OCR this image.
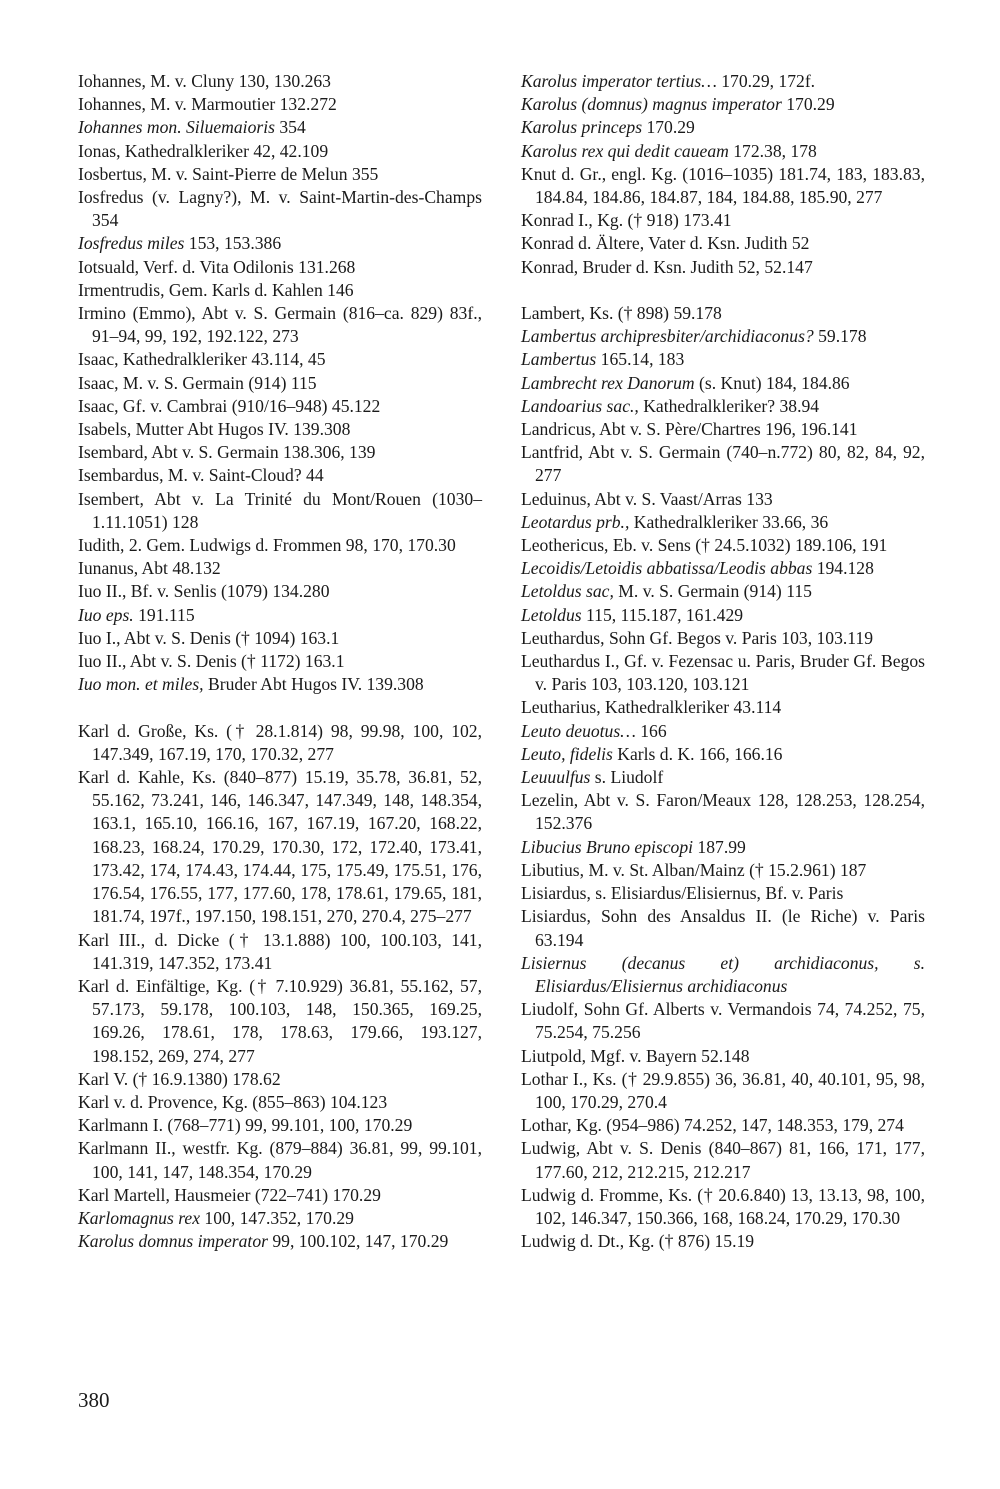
Iohannes, M. v. Cluny 130, 130.263
Iohannes, M. v. Marmoutier 132.272
Iohannes mon. Siluemaioris 354
Ionas, Kathedralkleriker 42, 42.109
Iosbertus, M. v. Saint-Pierre de Melun 355
Iosfredus (v. Lagny?), M. v. Saint-Martin-des-Champs 354
Iosfredus miles 153, 153.386
Iotsuald, Verf. d. Vita Odilonis 131.268
Irmentrudis, Gem. Karls d. Kahlen 146
Irmino (Emmo), Abt v. S. Germain (816–ca. 829) 83f., 91–94, 99, 192, 192.122, 273
Isaac, Kathedralkleriker 43.114, 45
Isaac, M. v. S. Germain (914) 115
Isaac, Gf. v. Cambrai (910/16–948) 45.122
Isabels, Mutter Abt Hugos IV. 139.308
Isembard, Abt v. S. Germain 138.306, 139
Isembardus, M. v. Saint-Cloud? 44
Isembert, Abt v. La Trinité du Mont/Rouen (1030–1.11.1051) 128
Iudith, 2. Gem. Ludwigs d. Frommen 98, 170, 170.30
Iunanus, Abt 48.132
Iuo II., Bf. v. Senlis (1079) 134.280
Iuo eps. 191.115
Iuo I., Abt v. S. Denis († 1094) 163.1
Iuo II., Abt v. S. Denis († 1172) 163.1
Iuo mon. et miles, Bruder Abt Hugos IV. 139.308
Karl d. Große, Ks. († 28.1.814) 98, 99.98, 100, 102, 147.349, 167.19, 170, 170.32, 277
Karl d. Kahle, Ks. (840–877) 15.19, 35.78, 36.81, 52, 55.162, 73.241, 146, 146.347, 147.349, 148, 148.354, 163.1, 165.10, 166.16, 167, 167.19, 167.20, 168.22, 168.23, 168.24, 170.29, 170.30, 172, 172.40, 173.41, 173.42, 174, 174.43, 174.44, 175, 175.49, 175.51, 176, 176.54, 176.55, 177, 177.60, 178, 178.61, 179.65, 181, 181.74, 197f., 197.150, 198.151, 270, 270.4, 275–277
Karl III., d. Dicke († 13.1.888) 100, 100.103, 141, 141.319, 147.352, 173.41
Karl d. Einfältige, Kg. († 7.10.929) 36.81, 55.162, 57, 57.173, 59.178, 100.103, 148, 150.365, 169.25, 169.26, 178.61, 178, 178.63, 179.66, 193.127, 198.152, 269, 274, 277
Karl V. († 16.9.1380) 178.62
Karl v. d. Provence, Kg. (855–863) 104.123
Karlmann I. (768–771) 99, 99.101, 100, 170.29
Karlmann II., westfr. Kg. (879–884) 36.81, 99, 99.101, 100, 141, 147, 148.354, 170.29
Karl Martell, Hausmeier (722–741) 170.29
Karlomagnus rex 100, 147.352, 170.29
Karolus domnus imperator 99, 100.102, 147, 170.29
Karolus imperator tertius… 170.29, 172f.
Karolus (domnus) magnus imperator 170.29
Karolus princeps 170.29
Karolus rex qui dedit caueam 172.38, 178
Knut d. Gr., engl. Kg. (1016–1035) 181.74, 183, 183.83, 184.84, 184.86, 184.87, 184, 184.88, 185.90, 277
Konrad I., Kg. († 918) 173.41
Konrad d. Ältere, Vater d. Ksn. Judith 52
Konrad, Bruder d. Ksn. Judith 52, 52.147
Lambert, Ks. († 898) 59.178
Lambertus archipresbiter/archidiaconus? 59.178
Lambertus 165.14, 183
Lambrecht rex Danorum (s. Knut) 184, 184.86
Landoarius sac., Kathedralkleriker? 38.94
Landricus, Abt v. S. Père/Chartres 196, 196.141
Lantfrid, Abt v. S. Germain (740–n.772) 80, 82, 84, 92, 277
Leduinus, Abt v. S. Vaast/Arras 133
Leotardus prb., Kathedralkleriker 33.66, 36
Leothericus, Eb. v. Sens († 24.5.1032) 189.106, 191
Lecoidis/Letoidis abbatissa/Leodis abbas 194.128
Letoldus sac, M. v. S. Germain (914) 115
Letoldus 115, 115.187, 161.429
Leuthardus, Sohn Gf. Begos v. Paris 103, 103.119
Leuthardus I., Gf. v. Fezensac u. Paris, Bruder Gf. Begos v. Paris 103, 103.120, 103.121
Leutharius, Kathedralkleriker 43.114
Leuto deuotus… 166
Leuto, fidelis Karls d. K. 166, 166.16
Leuuulfus s. Liudolf
Lezelin, Abt v. S. Faron/Meaux 128, 128.253, 128.254, 152.376
Libucius Bruno episcopi 187.99
Libutius, M. v. St. Alban/Mainz († 15.2.961) 187
Lisiardus, s. Elisiardus/Elisiernus, Bf. v. Paris
Lisiardus, Sohn des Ansaldus II. (le Riche) v. Paris 63.194
Lisiernus (decanus et) archidiaconus, s. Elisiardus/Elisiernus archidiaconus
Liudolf, Sohn Gf. Alberts v. Vermandois 74, 74.252, 75, 75.254, 75.256
Liutpold, Mgf. v. Bayern 52.148
Lothar I., Ks. († 29.9.855) 36, 36.81, 40, 40.101, 95, 98, 100, 170.29, 270.4
Lothar, Kg. (954–986) 74.252, 147, 148.353, 179, 274
Ludwig, Abt v. S. Denis (840–867) 81, 166, 171, 177, 177.60, 212, 212.215, 212.217
Ludwig d. Fromme, Ks. († 20.6.840) 13, 13.13, 98, 100, 102, 146.347, 150.366, 168, 168.24, 170.29, 170.30
Ludwig d. Dt., Kg. († 876) 15.19
380
